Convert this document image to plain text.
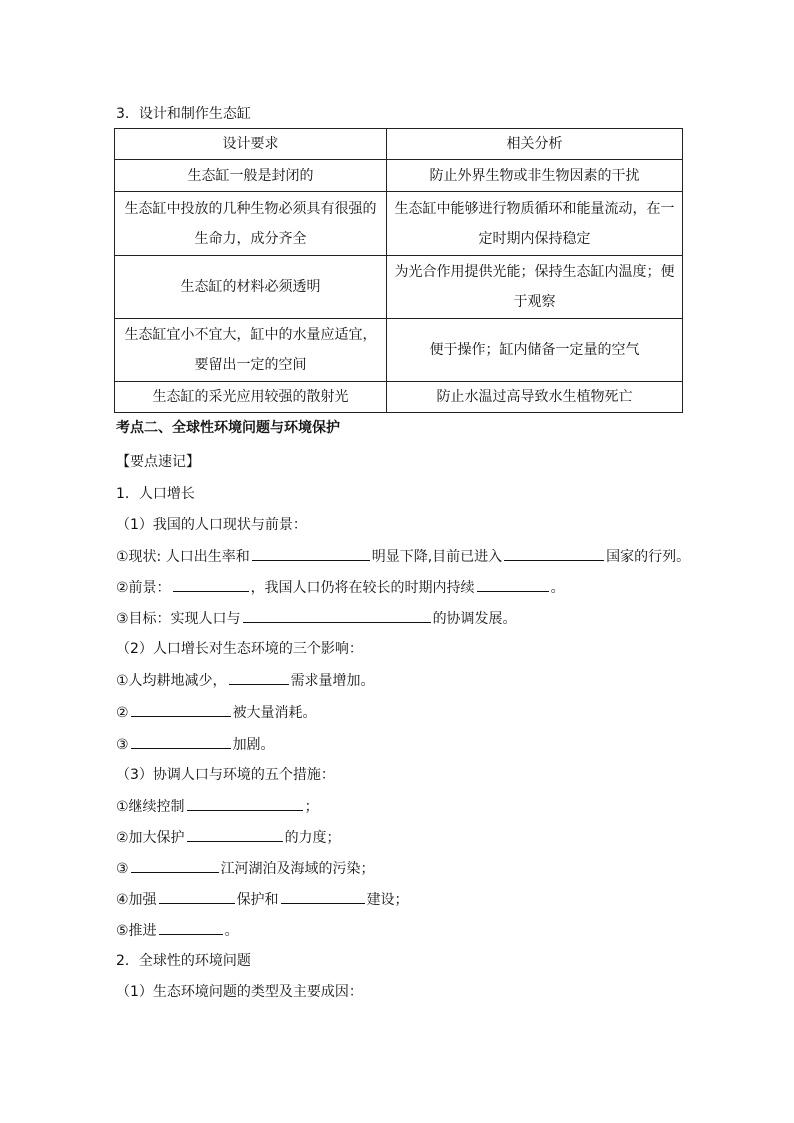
3．设计和制作生态缸
设计要求	相关分析
生态缸一般是封闭的	防止外界生物或非生物因素的干扰
生态缸中投放的几种生物必须具有很强的生命力，成分齐全	生态缸中能够进行物质循环和能量流动，在一定时期内保持稳定
生态缸的材料必须透明	为光合作用提供光能；保持生态缸内温度；便于观察
生态缸宜小不宜大，缸中的水量应适宜，要留出一定的空间	便于操作；缸内储备一定量的空气
生态缸的采光应用较强的散射光	防止水温过高导致水生植物死亡
考点二、全球性环境问题与环境保护
【要点速记】
1．人口增长
（1）我国的人口现状与前景：
①现状: 人口出生率和	明显下降,目前已进入	国家的行列。
②前景：	，我国人口仍将在较长的时期内持续	。
③目标：实现人口与	的协调发展。
（2）人口增长对生态环境的三个影响：
①人均耕地减少，	需求量增加。
②	被大量消耗。
③	加剧。
（3）协调人口与环境的五个措施：
①继续控制	；
②加大保护	的力度；
③	江河湖泊及海域的污染；
④加强	保护和	建设；
⑤推进	。
2．全球性的环境问题
（1）生态环境问题的类型及主要成因：
